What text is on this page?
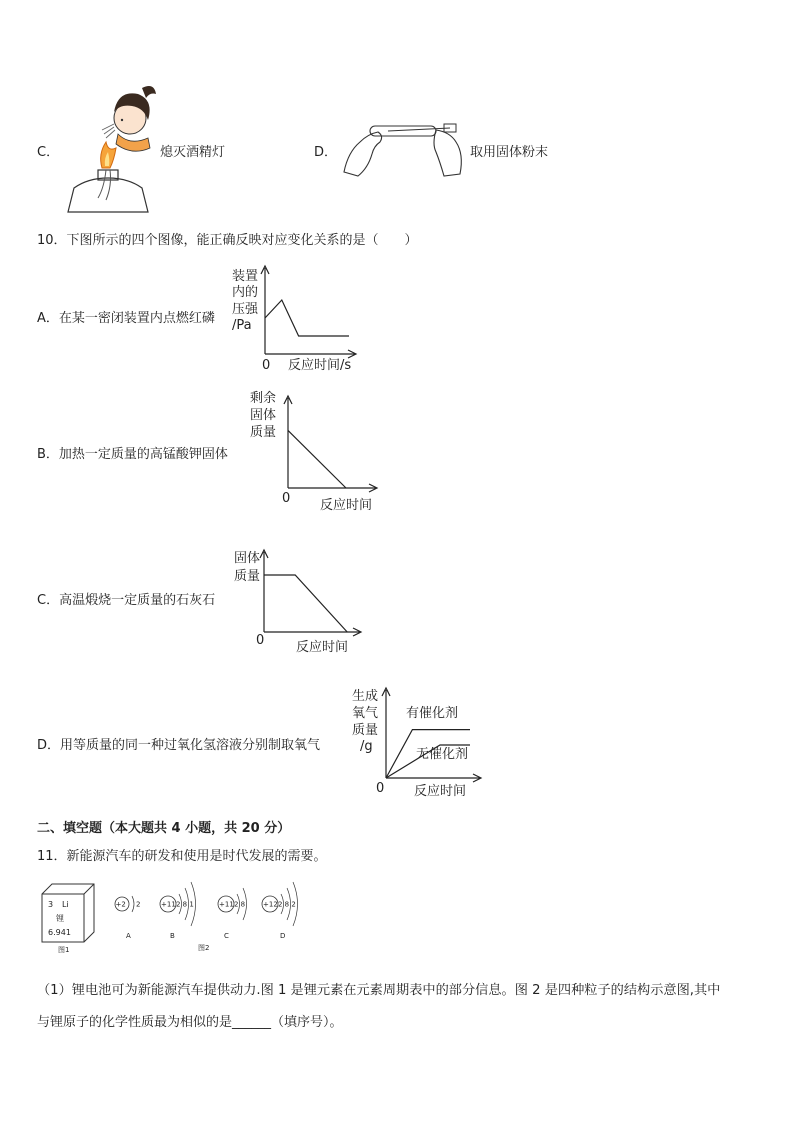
C．	熄灭酒精灯	D．	取用固体粉末
10．下图所示的四个图像，能正确反映对应变化关系的是（　　）
A．在某一密闭装置内点燃红磷
装置
内的
压强
/Pa
0 反应时间/s
B．加热一定质量的高锰酸钾固体
剩余
固体
质量
0 反应时间
C．高温煅烧一定质量的石灰石
固体
质量
0 反应时间
D．用等质量的同一种过氧化氢溶液分别制取氧气
生成
氧气
质量
/g
有催化剂
无催化剂
0 反应时间
二、填空题（本大题共 4 小题，共 20 分）
11．新能源汽车的研发和使用是时代发展的需要。
3 Li
锂
6.941
图1
+2 2
A
+11 2 8 1
B
+11 2 8
C
图2
+12 2 8 2
D
（1）锂电池可为新能源汽车提供动力.图 1 是锂元素在元素周期表中的部分信息。图 2 是四种粒子的结构示意图,其中
与锂原子的化学性质最为相似的是______（填序号）。
